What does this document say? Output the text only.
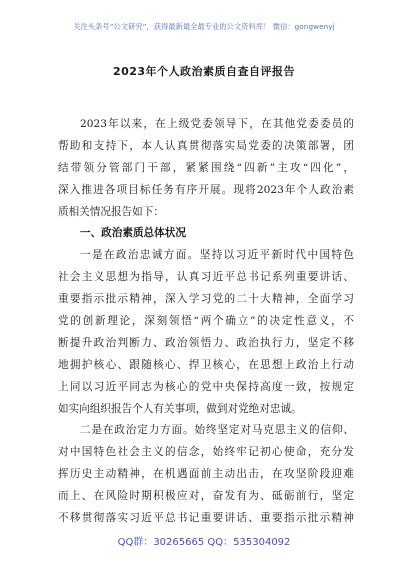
关注头条号“公文研究”，获得最新最全最专业的公文资料库！ 微信：gongwenyj
2023年个人政治素质自查自评报告
2023年以来，在上级党委领导下，在其他党委委员的
帮助和支持下，本人认真贯彻落实局党委的决策部署，团
结带领分管部门干部，紧紧围绕“四新”主攻“四化”，
深入推进各项目标任务有序开展。现将2023年个人政治素
质相关情况报告如下：
一、政治素质总体状况
一是在政治忠诚方面。坚持以习近平新时代中国特色
社会主义思想为指导，认真习近平总书记系列重要讲话、
重要指示批示精神，深入学习党的二十大精神，全面学习
党的创新理论，深刻领悟“两个确立”的决定性意义，不
断提升政治判断力、政治领悟力、政治执行力，坚定不移
地拥护核心、跟随核心、捍卫核心，在思想上政治上行动
上同以习近平同志为核心的党中央保持高度一致，按规定
如实向组织报告个人有关事项，做到对党绝对忠诚。
二是在政治定力方面。始终坚定对马克思主义的信仰、
对中国特色社会主义的信念，始终牢记初心使命，充分发
挥历史主动精神，在机遇面前主动出击，在攻坚阶段迎难
而上、在风险时期积极应对，奋发有为、砥砺前行，坚定
不移贯彻落实习近平总书记重要讲话、重要指示批示精神
QQ群：30265665 QQ：535304092
